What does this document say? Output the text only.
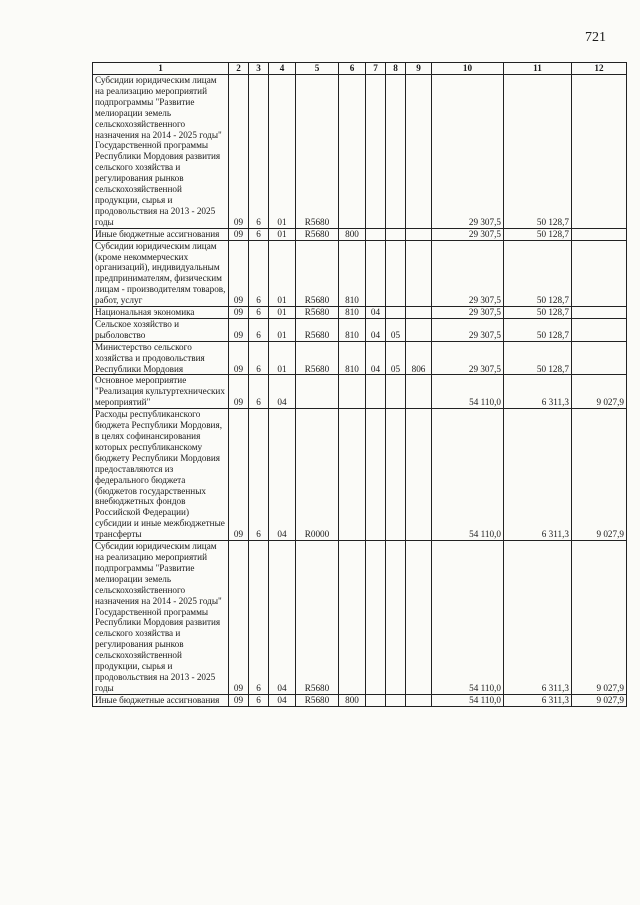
721
1	2	3	4	5	6	7	8	9	10	11	12

Субсидии юридическим лицам на реализацию мероприятий подпрограммы "Развитие мелиорации земель сельскохозяйственного назначения на 2014 - 2025 годы" Государственной программы Республики Мордовия развития сельского хозяйства и регулирования рынков сельскохозяйственной продукции, сырья и продовольствия на 2013 - 2025 годы	09	6	01	R5680					29 307,5	50 128,7	

Иные бюджетные ассигнования	09	6	01	R5680	800				29 307,5	50 128,7	

Субсидии юридическим лицам (кроме некоммерческих организаций), индивидуальным предпринимателям, физическим лицам - производителям товаров, работ, услуг	09	6	01	R5680	810				29 307,5	50 128,7	

Национальная экономика	09	6	01	R5680	810	04			29 307,5	50 128,7	

Сельское хозяйство и рыболовство	09	6	01	R5680	810	04	05		29 307,5	50 128,7	

Министерство сельского хозяйства и продовольствия Республики Мордовия	09	6	01	R5680	810	04	05	806	29 307,5	50 128,7	

Основное мероприятие "Реализация культуртехнических мероприятий"	09	6	04						54 110,0	6 311,3	9 027,9

Расходы республиканского бюджета Республики Мордовия, в целях софинансирования которых республиканскому бюджету Республики Мордовия предоставляются из федерального бюджета (бюджетов государственных внебюджетных фондов Российской Федерации) субсидии и иные межбюджетные трансферты	09	6	04	R0000					54 110,0	6 311,3	9 027,9

Субсидии юридическим лицам на реализацию мероприятий подпрограммы "Развитие мелиорации земель сельскохозяйственного назначения на 2014 - 2025 годы" Государственной программы Республики Мордовия развития сельского хозяйства и регулирования рынков сельскохозяйственной продукции, сырья и продовольствия на 2013 - 2025 годы	09	6	04	R5680					54 110,0	6 311,3	9 027,9

Иные бюджетные ассигнования	09	6	04	R5680	800				54 110,0	6 311,3	9 027,9
